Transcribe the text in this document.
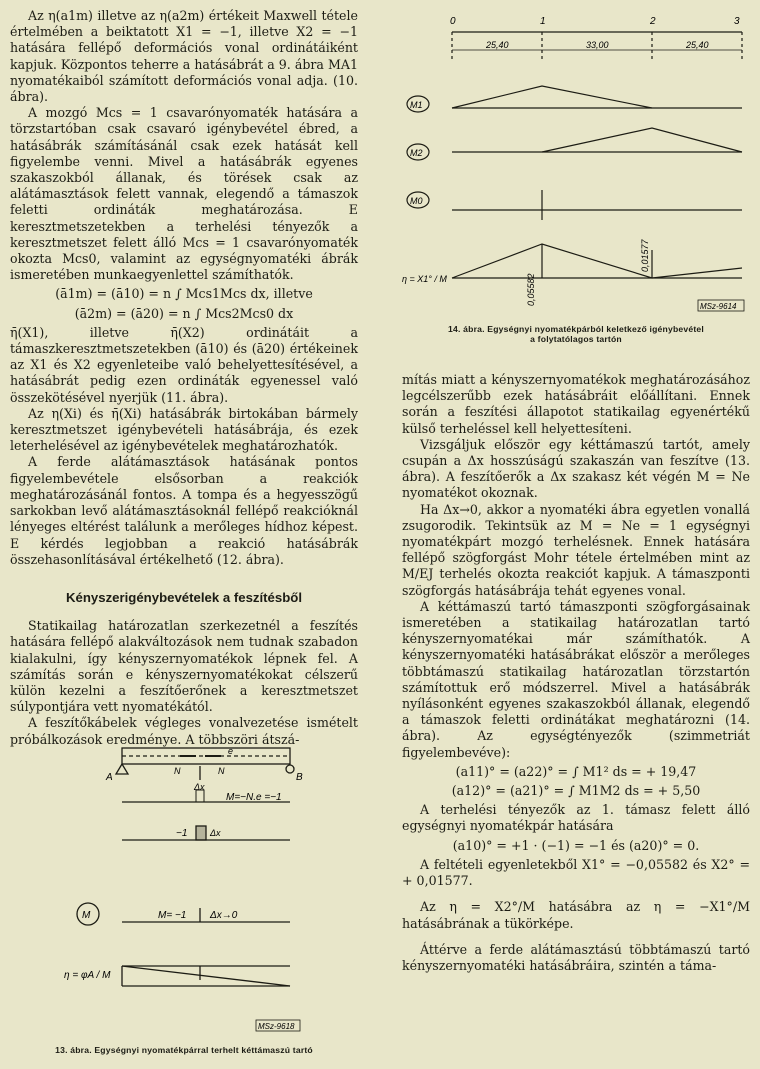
Az η(a1m) illetve az η(a2m) értékeit Maxwell tétele értelmében a beiktatott X1 = −1, illetve X2 = −1 hatására fellépő deformációs vonal ordinátáiként kapjuk. Központos teherre a hatásábrát a 9. ábra MA1 nyomatékaiból számított deformációs vonal adja. (10. ábra).

A mozgó Mcs = 1 csavarónyomaték hatására a törzstartóban csak csavaró igénybevétel ébred, a hatásábrák számításánál csak ezek hatását kell figyelembe venni. Mivel a hatásábrák egyenes szakaszokból állanak, és törések csak az alátámasztások felett vannak, elegendő a támaszok feletti ordináták meghatározása. E keresztmetszetekben a terhelési tényezők a keresztmetszet felett álló Mcs = 1 csavarónyomaték okozta Mcs0, valamint az egységnyomatéki ábrák ismeretében munkaegyenlettel számíthatók.

(ā1m) = (ā10) = n ∫ Mcs1Mcs dx, illetve
(ā2m) = (ā20) = n ∫ Mcs2Mcs0 dx

η̄(X1), illetve η̄(X2) ordinátáit a támaszkeresztmetszetekben (ā10) és (ā20) értékeinek az X1 és X2 egyenleteibe való behelyettesítésével, a hatásábrát pedig ezen ordináták egyenessel való összekötésével nyerjük (11. ábra).

Az η(Xi) és η̄(Xi) hatásábrák birtokában bármely keresztmetszet igénybevételi hatásábrája, és ezek leterhelésével az igénybevételek meghatározhatók.

A ferde alátámasztások hatásának pontos figyelembevétele elsősorban a reakciók meghatározásánál fontos. A tompa és a hegyesszögű sarkokban levő alátámasztásoknál fellépő reakcióknál lényeges eltérést találunk a merőleges hídhoz képest. E kérdés legjobban a reakció hatásábrák összehasonlításával értékelhető (12. ábra).

Kényszerigénybevételek a feszítésből

Statikailag határozatlan szerkezetnél a feszítés hatására fellépő alakváltozások nem tudnak szabadon kialakulni, így kényszernyomatékok lépnek fel. A számítás során e kényszernyomatékokat célszerű külön kezelni a feszítőerőnek a keresztmetszet súlypontjára vett nyomatékától.

A feszítőkábelek végleges vonalvezetése ismételt próbálkozások eredménye. A többszöri átszá-

A	B
N	N
e
Δx
M=−N.e =−1
−1	Δx
M	M= −1 Δx→0
η = φA / M
MSz-9618
13. ábra. Egységnyi nyomatékpárral terhelt kéttámaszú tartó
0	1	2	3
25,40	33,00	25,40
M1
M2
M0
η = X1° / M	0,05582
0,01577
MSz-9614
14. ábra. Egységnyi nyomatékpárból keletkező igénybevétel
a folytatólagos tartón

mítás miatt a kényszernyomatékok meghatározásához legcélszerűbb ezek hatásábráit előállítani. Ennek során a feszítési állapotot statikailag egyenértékű külső terheléssel kell helyettesíteni.

Vizsgáljuk először egy kéttámaszú tartót, amely csupán a Δx hosszúságú szakaszán van feszítve (13. ábra). A feszítőerők a Δx szakasz két végén M = Ne nyomatékot okoznak.

Ha Δx→0, akkor a nyomatéki ábra egyetlen vonallá zsugorodik. Tekintsük az M = Ne = 1 egységnyi nyomatékpárt mozgó terhelésnek. Ennek hatására fellépő szögforgást Mohr tétele értelmében mint az M/EJ terhelés okozta reakciót kapjuk. A támaszponti szögforgás hatásábrája tehát egyenes vonal.

A kéttámaszú tartó támaszponti szögforgásainak ismeretében a statikailag határozatlan tartó kényszernyomatékai már számíthatók. A kényszernyomatéki hatásábrákat először a merőleges többtámaszú statikailag határozatlan törzstartón számítottuk erő módszerrel. Mivel a hatásábrák nyílásonként egyenes szakaszokból állanak, elegendő a támaszok feletti ordinátákat meghatározni (14. ábra). Az egységtényezők (szimmetriát figyelembevéve):

(a11)° = (a22)° = ∫ M1² ds = + 19,47
(a12)° = (a21)° = ∫ M1M2 ds = + 5,50

A terhelési tényezők az 1. támasz felett álló egységnyi nyomatékpár hatására

(a10)° = +1 · (−1) = −1 és (a20)° = 0.

A feltételi egyenletekből X1° = −0,05582 és X2° = + 0,01577.

Az η = X2°/M hatásábra az η = −X1°/M hatásábrának a tükörképe.

Áttérve a ferde alátámasztású többtámaszú tartó kényszernyomatéki hatásábráira, szintén a táma-
